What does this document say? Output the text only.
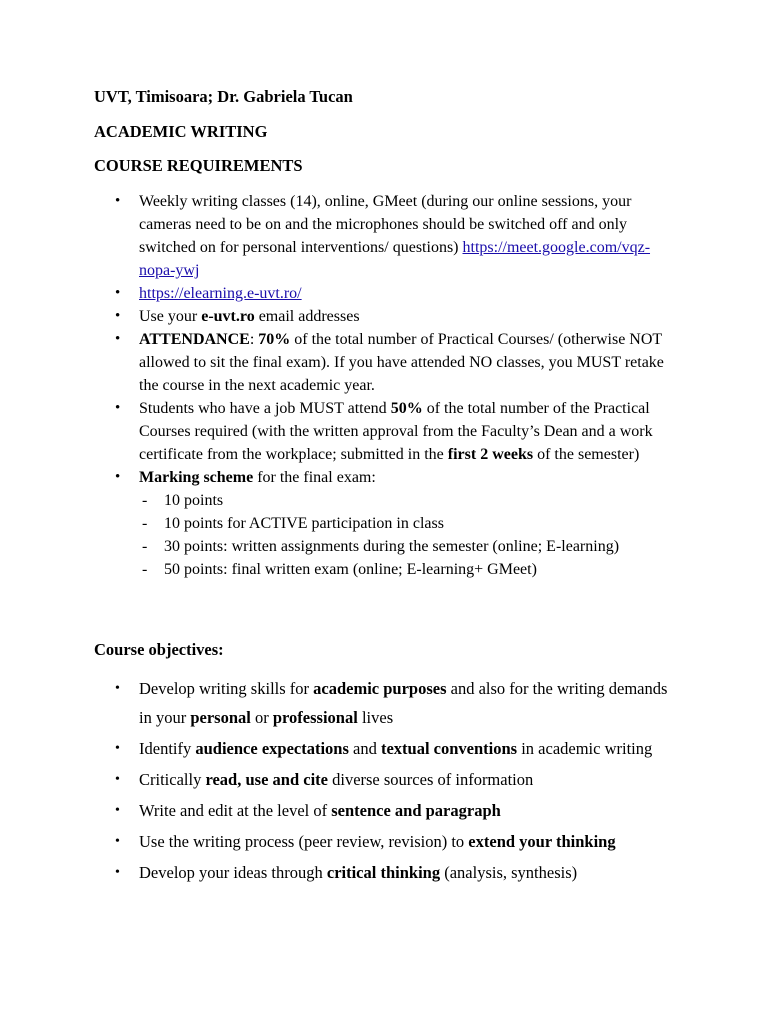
UVT, Timisoara; Dr. Gabriela Tucan
ACADEMIC WRITING
COURSE REQUIREMENTS
• Weekly writing classes (14), online, GMeet (during our online sessions, your cameras need to be on and the microphones should be switched off and only switched on for personal interventions/ questions) https://meet.google.com/vqz-nopa-ywj
• https://elearning.e-uvt.ro/
• Use your e-uvt.ro email addresses
• ATTENDANCE: 70% of the total number of Practical Courses/ (otherwise NOT allowed to sit the final exam). If you have attended NO classes, you MUST retake the course in the next academic year.
• Students who have a job MUST attend 50% of the total number of the Practical Courses required (with the written approval from the Faculty’s Dean and a work certificate from the workplace; submitted in the first 2 weeks of the semester)
• Marking scheme for the final exam:
- 10 points
- 10 points for ACTIVE participation in class
- 30 points: written assignments during the semester (online; E-learning)
- 50 points: final written exam (online; E-learning+ GMeet)
Course objectives:
• Develop writing skills for academic purposes and also for the writing demands in your personal or professional lives
• Identify audience expectations and textual conventions in academic writing
• Critically read, use and cite diverse sources of information
• Write and edit at the level of sentence and paragraph
• Use the writing process (peer review, revision) to extend your thinking
• Develop your ideas through critical thinking (analysis, synthesis)
